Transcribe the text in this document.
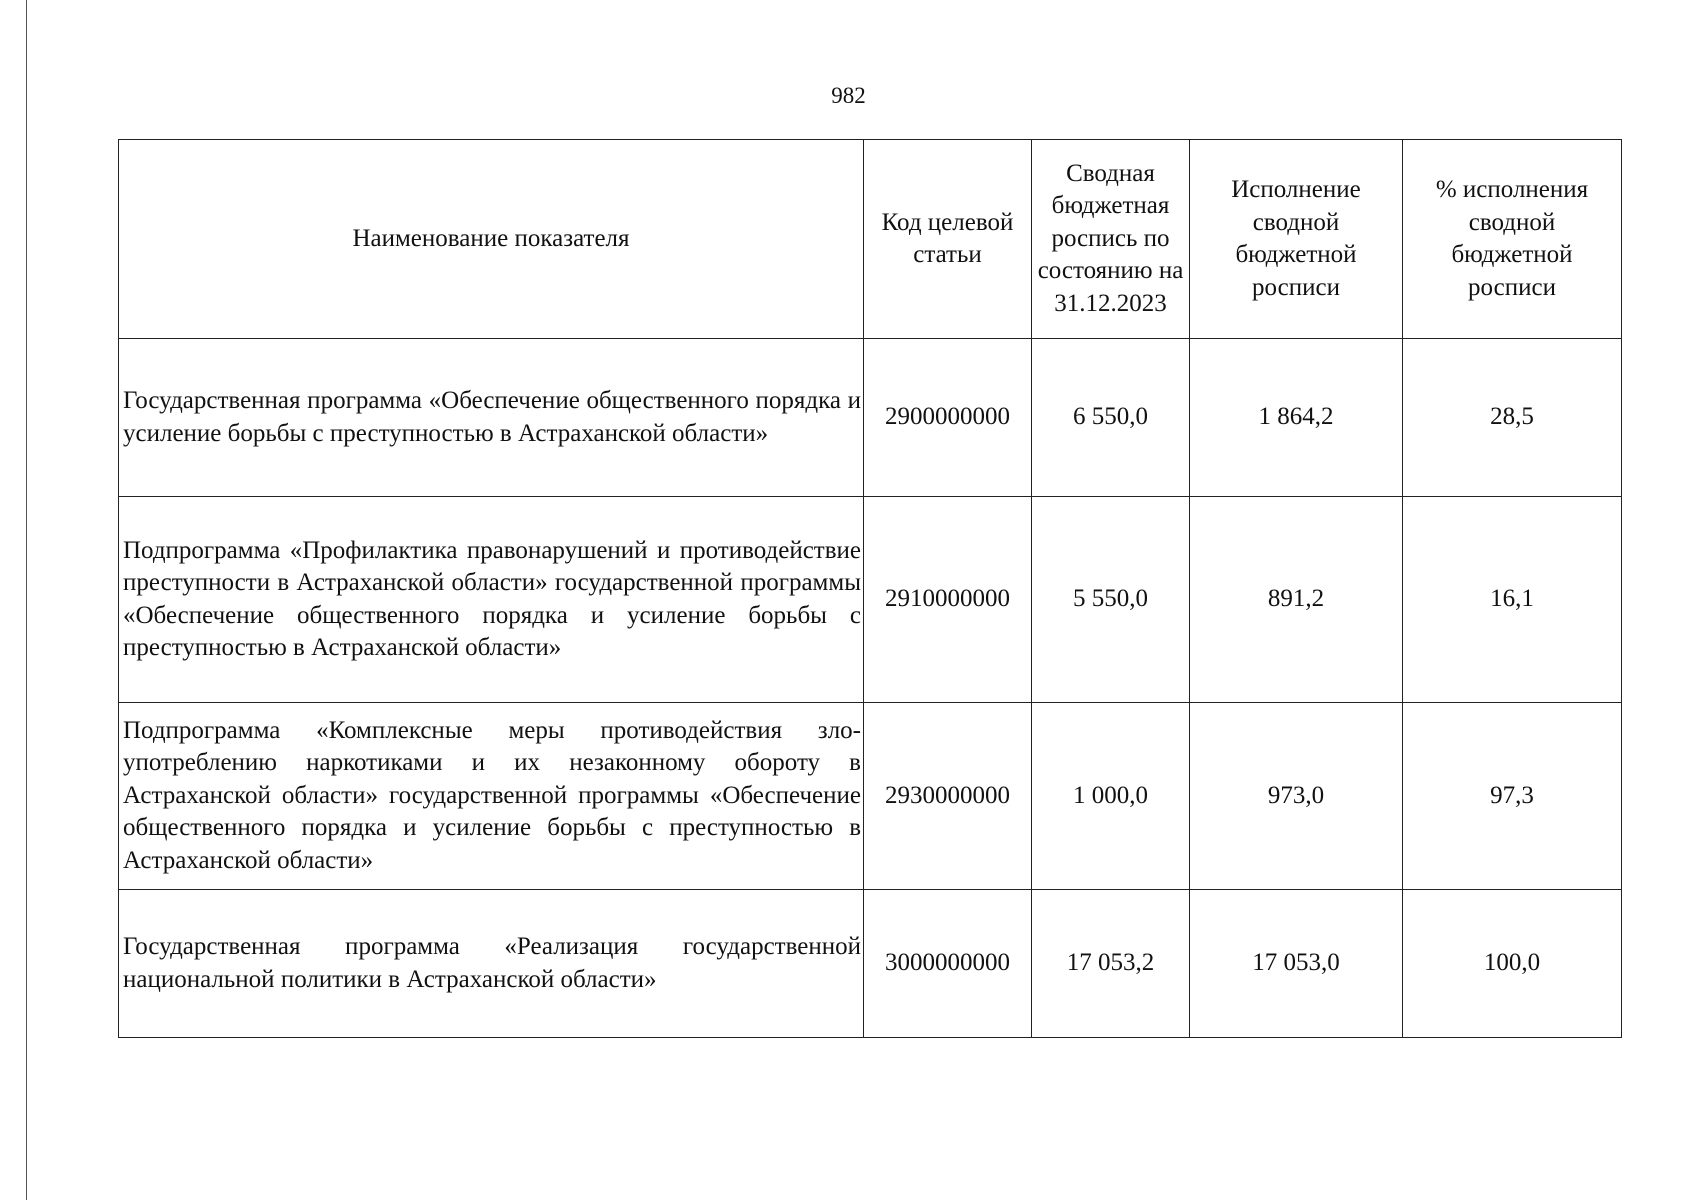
982
Наименование показателя	Код целевой статьи	Сводная бюджетная роспись по состоянию на 31.12.2023	Исполнение сводной бюджетной росписи	% исполнения сводной бюджетной росписи

Государственная программа «Обеспечение общественного порядка и усиление борьбы с преступностью в Астраханской области»	2900000000	6 550,0	1 864,2	28,5
Подпрограмма «Профилактика правонарушений и противодействие преступности в Астраханской области» государственной программы «Обеспечение общественного порядка и усиление борьбы с преступностью в Астраханской области»	2910000000	5 550,0	891,2	16,1
Подпрограмма «Комплексные меры противодействия злоупотреблению наркотиками и их незаконному обороту в Астраханской области» государственной программы «Обеспечение общественного порядка и усиление борьбы с преступностью в Астраханской области»	2930000000	1 000,0	973,0	97,3
Государственная программа «Реализация государственной национальной политики в Астраханской области»	3000000000	17 053,2	17 053,0	100,0
